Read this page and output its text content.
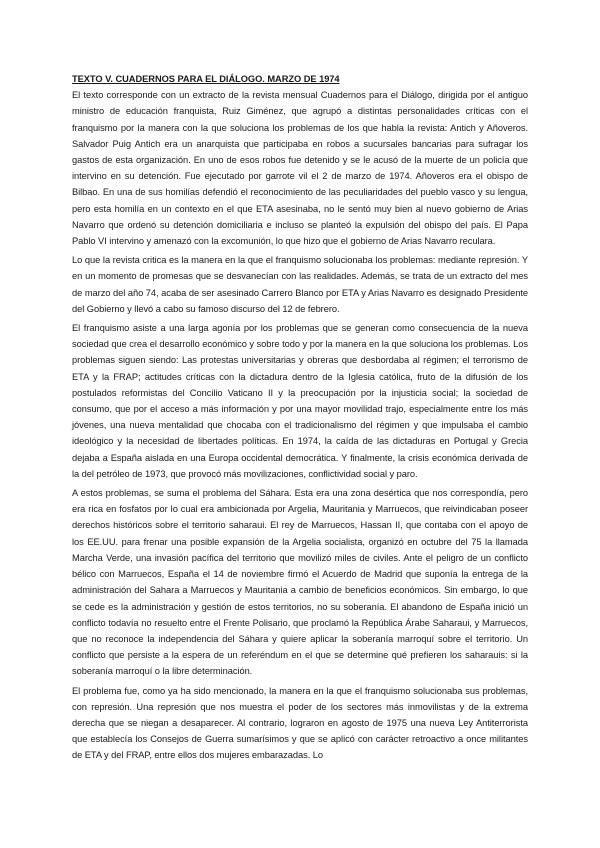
TEXTO V. CUADERNOS PARA EL DIÁLOGO. MARZO DE 1974

El texto corresponde con un extracto de la revista mensual Cuadernos para el Diálogo, dirigida por el antiguo ministro de educación franquista, Ruiz Giménez, que agrupó a distintas personalidades críticas con el franquismo por la manera con la que soluciona los problemas de los que habla la revista: Antich y Añoveros. Salvador Puig Antich era un anarquista que participaba en robos a sucursales bancarias para sufragar los gastos de esta organización. En uno de esos robos fue detenido y se le acusó de la muerte de un policía que intervino en su detención. Fue ejecutado por garrote vil el 2 de marzo de 1974. Añoveros era el obispo de Bilbao. En una de sus homilías defendió el reconocimiento de las peculiaridades del pueblo vasco y su lengua, pero esta homilía en un contexto en el que ETA asesinaba, no le sentó muy bien al nuevo gobierno de Arias Navarro que ordenó su detención domiciliaria e incluso se planteó la expulsión del obispo del país. El Papa Pablo VI intervino y amenazó con la excomunión, lo que hizo que el gobierno de Arias Navarro reculara.

Lo que la revista critica es la manera en la que el franquismo solucionaba los problemas: mediante represión. Y en un momento de promesas que se desvanecían con las realidades. Además, se trata de un extracto del mes de marzo del año 74, acaba de ser asesinado Carrero Blanco por ETA y Arias Navarro es designado Presidente del Gobierno y llevó a cabo su famoso discurso del 12 de febrero.

El franquismo asiste a una larga agonía por los problemas que se generan como consecuencia de la nueva sociedad que crea el desarrollo económico y sobre todo y por la manera en la que soluciona los problemas. Los problemas siguen siendo: Las protestas universitarias y obreras que desbordaba al régimen; el terrorismo de ETA y la FRAP; actitudes críticas con la dictadura dentro de la Iglesia católica, fruto de la difusión de los postulados reformistas del Concilio Vaticano II y la preocupación por la injusticia social; la sociedad de consumo, que por el acceso a más información y por una mayor movilidad trajo, especialmente entre los más jóvenes, una nueva mentalidad que chocaba con el tradicionalismo del régimen y que impulsaba el cambio ideológico y la necesidad de libertades políticas. En 1974, la caída de las dictaduras en Portugal y Grecia dejaba a España aislada en una Europa occidental democrática. Y finalmente, la crisis económica derivada de la del petróleo de 1973, que provocó más movilizaciones, conflictividad social y paro.

A estos problemas, se suma el problema del Sáhara. Esta era una zona desértica que nos correspondía, pero era rica en fosfatos por lo cual era ambicionada por Argelia, Mauritania y Marruecos, que reivindicaban poseer derechos históricos sobre el territorio saharaui. El rey de Marruecos, Hassan II, que contaba con el apoyo de los EE.UU. para frenar una posible expansión de la Argelia socialista, organizó en octubre del 75 la llamada Marcha Verde, una invasión pacífica del territorio que movilizó miles de civiles. Ante el peligro de un conflicto bélico con Marruecos, España el 14 de noviembre firmó el Acuerdo de Madrid que suponía la entrega de la administración del Sahara a Marruecos y Mauritania a cambio de beneficios económicos. Sin embargo, lo que se cede es la administración y gestión de estos territorios, no su soberanía. El abandono de España inició un conflicto todavía no resuelto entre el Frente Polisario, que proclamó la República Árabe Saharaui, y Marruecos, que no reconoce la independencia del Sáhara y quiere aplicar la soberanía marroquí sobre el territorio. Un conflicto que persiste a la espera de un referéndum en el que se determine qué prefieren los saharauis: si la soberanía marroquí o la libre determinación.

El problema fue, como ya ha sido mencionado, la manera en la que el franquismo solucionaba sus problemas, con represión. Una represión que nos muestra el poder de los sectores más inmovilistas y de la extrema derecha que se niegan a desaparecer. Al contrario, lograron en agosto de 1975 una nueva Ley Antiterrorista que establecía los Consejos de Guerra sumarísimos y que se aplicó con carácter retroactivo a once militantes de ETA y del FRAP, entre ellos dos mujeres embarazadas. Lo
